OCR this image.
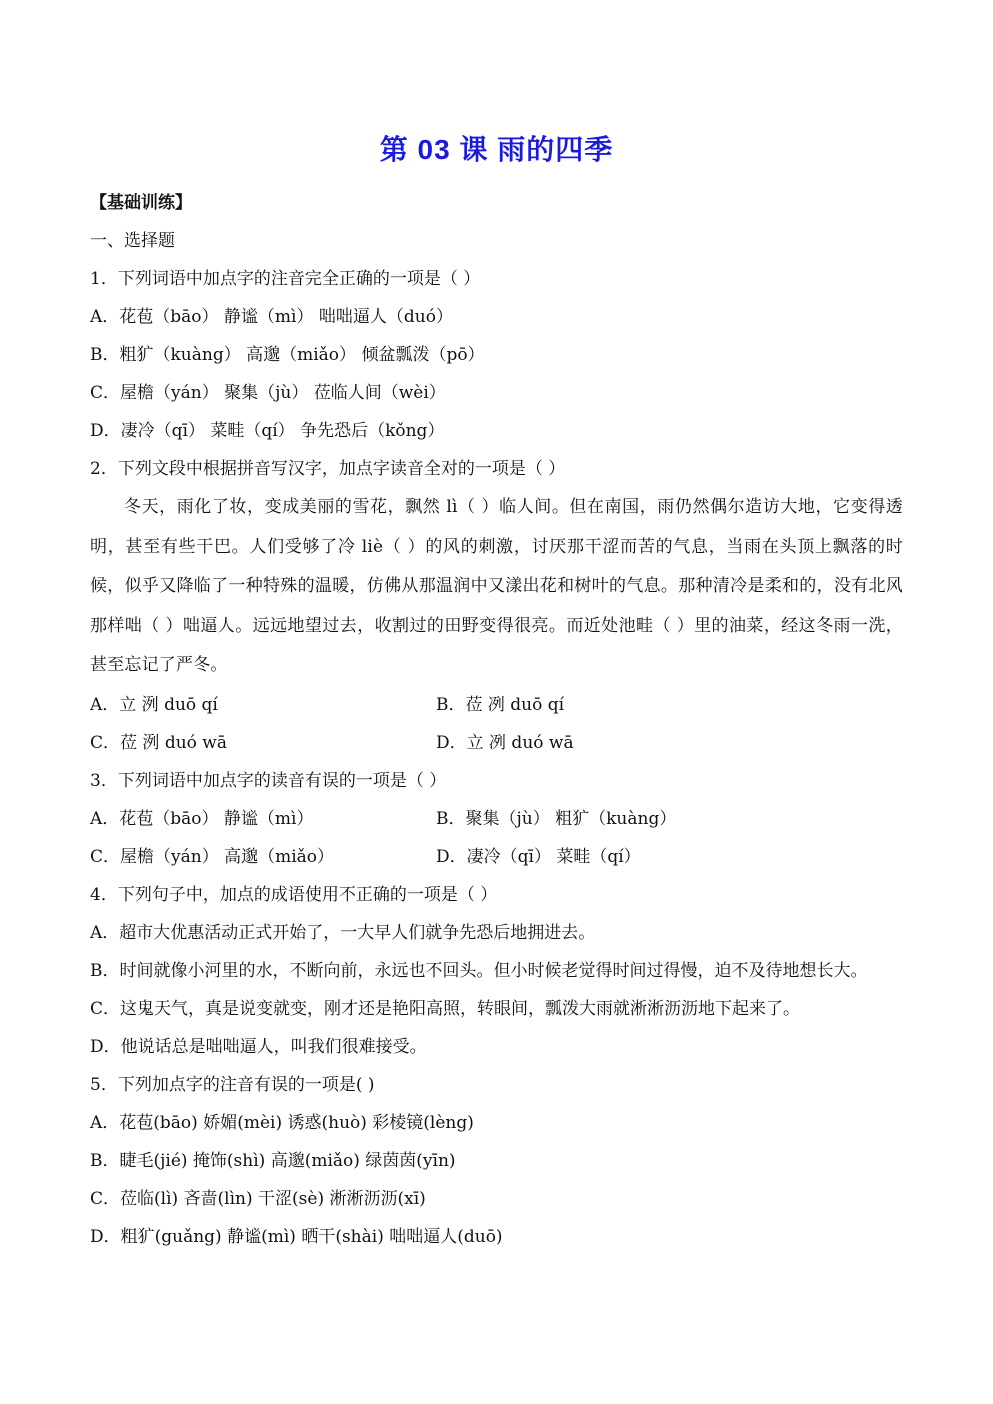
第 03 课 雨的四季
【基础训练】
一、选择题
1．下列词语中加点字的注音完全正确的一项是（ ）
A．花苞（bāo） 静谧（mì） 咄咄逼人（duó）
B．粗犷（kuàng） 高邈（miǎo） 倾盆瓢泼（pō）
C．屋檐（yán） 聚集（jù） 莅临人间（wèi）
D．凄冷（qī） 菜畦（qí） 争先恐后（kǒng）
2．下列文段中根据拼音写汉字，加点字读音全对的一项是（ ）
冬天，雨化了妆，变成美丽的雪花，飘然 lì（ ）临人间。但在南国，雨仍然偶尔造访大地，它变得透明，甚至有些干巴。人们受够了冷 liè（ ）的风的刺激，讨厌那干涩而苦的气息，当雨在头顶上飘落的时候，似乎又降临了一种特殊的温暖，仿佛从那温润中又漾出花和树叶的气息。那种清冷是柔和的，没有北风那样咄（ ）咄逼人。远远地望过去，收割过的田野变得很亮。而近处池畦（ ）里的油菜，经这冬雨一洗，甚至忘记了严冬。
A．立 洌 duō qí	B．莅 冽 duō qí
C．莅 洌 duó wā	D．立 冽 duó wā
3．下列词语中加点字的读音有误的一项是（ ）
A．花苞（bāo） 静谧（mì）	B．聚集（jù） 粗犷（kuàng）
C．屋檐（yán） 高邈（miǎo）	D．凄冷（qī） 菜畦（qí）
4．下列句子中，加点的成语使用不正确的一项是（ ）
A．超市大优惠活动正式开始了，一大早人们就争先恐后地拥进去。
B．时间就像小河里的水，不断向前，永远也不回头。但小时候老觉得时间过得慢，迫不及待地想长大。
C．这鬼天气，真是说变就变，刚才还是艳阳高照，转眼间，瓢泼大雨就淅淅沥沥地下起来了。
D．他说话总是咄咄逼人，叫我们很难接受。
5．下列加点字的注音有误的一项是( )
A．花苞(bāo) 娇媚(mèi) 诱惑(huò) 彩棱镜(lèng)
B．睫毛(jié) 掩饰(shì) 高邈(miǎo) 绿茵茵(yīn)
C．莅临(lì) 吝啬(lìn) 干涩(sè) 淅淅沥沥(xī)
D．粗犷(guǎng) 静谧(mì) 晒干(shài) 咄咄逼人(duō)
